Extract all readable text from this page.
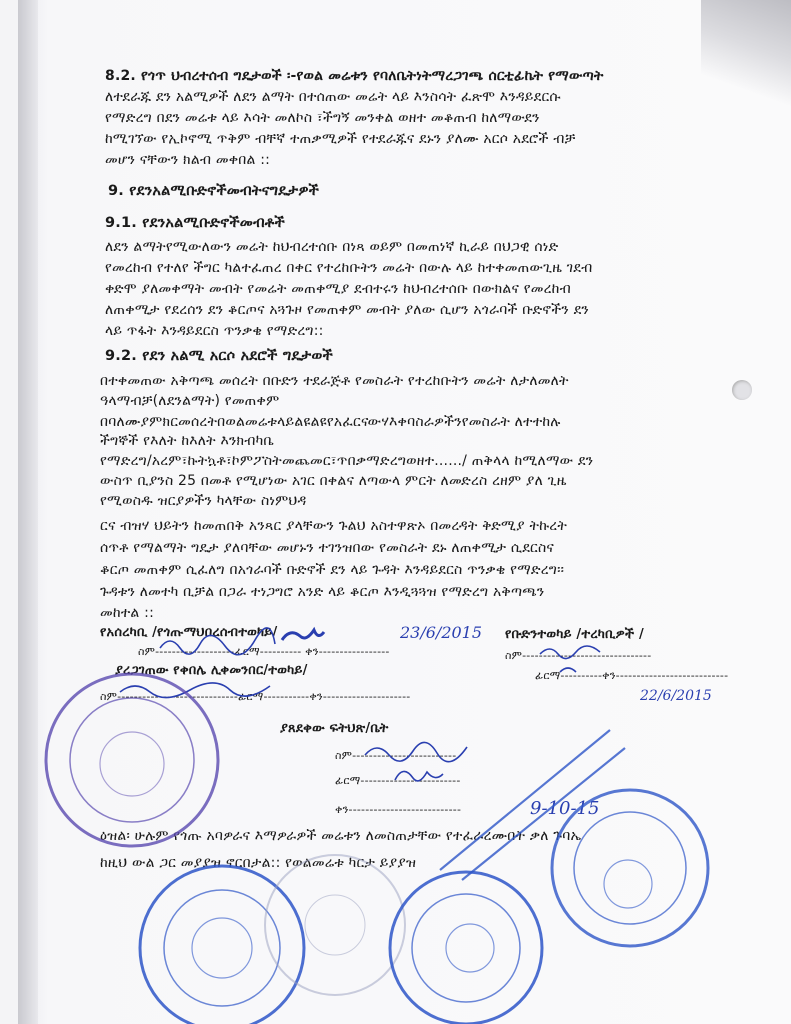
8.2. የጎጥ ህብረተሰብ ግዴታወች ፡-የወል መሬቱን የባለቤትነትማረጋገጫ ሰርቲፊኬት የማውጣት
ለተደራጁ ደን አልሚዎች ለደን ልማት በተሰጠው መሬት ላይ እንስሳት ፈጽሞ እንዳይደርሱ
የማድረግ በደን መሬቱ ላይ እሳት መለኮስ ፣ችግኝ መንቀል ወዘተ መቆጠብ ከለማውደን
ከሚገኘው የኢኮኖሚ ጥቅም ብቸኛ ተጠቃሚዎች የተደራጁና ደኑን ያለሙ አርሶ አደሮች ብቻ
መሆን ናቸውን ክልብ መቀበል ::
9. የደንአልሚቡድኖችመብትናግዴታዎች
9.1. የደንአልሚቡድኖችመብቶች
ለደን ልማትየሚውለውን መሬት ከህብረተሰቡ በነጻ ወይም በመጠነኛ ኪራይ በህጋዊ ሰነድ
የመረከብ የተለየ ችግር ካልተፈጠረ በቀር የተረከቡትን መሬት በውሉ ላይ ከተቀመጠውጊዜ ገደብ
ቀድሞ ያለመቀማት መብት የመሬት መጠቀሚያ ደብተሩን ከህብረተሰቡ በውክልና የመረከብ
ለጠቀሚታ የደረሰን ደን ቆርጦና አጓጉዞ የመጠቀም መብት ያለው ሲሆን አጎራባች ቡድኖችን ደን
ላይ ጥፋት እንዳይደርስ ጥንቃቄ የማድረግ::
9.2. የደን አልሚ አርሶ አደሮች ግዴታወች
በተቀመጠው አቅጣጫ መሰረት በቡድን ተደራጅቶ የመስራት የተረከቡትን መሬት ለታለመለት
ዓላማብቻ(ለደንልማት) የመጠቀም
በባለሙያምክርመሰረትበወልመሬቱላይልዩልዩየአፈርናውሃእቀባስራዎችንየመስራት ለተተከሉ
ችግኞች የእለት ከእለት እንክብካቤ
የማድረግ/አረም፣ኩትኳቶ፣ኮምፖስትመጨመር፣ጥበቃማድረግወዘተ....../ ጠቅላላ ከሚለማው ደን
ውስጥ ቢያንስ 25 በመቶ የሚሆነው አገር በቀልና ለጣውላ ምርት ለመድረስ ረዘም ያለ ጊዜ
የሚወስዱ ዝርያዎችን ካላቸው ስነምህዳ
ርና ብዝሃ ህይትን ከመጠበቅ አንጻር ያላቸውን ጉልህ አስተዋጽኦ በመረዳት ቅድሚያ ትኩረት
ሰጥቶ የማልማት ግዴታ ያለባቸው መሆኑን ተገንዝበው የመስራት ደኑ ለጠቀሚታ ሲደርስና
ቆርጦ መጠቀም ሲፈለግ በአጎራባች ቡድኖች ደን ላይ ጉዳት እንዳይደርስ ጥንቃቄ የማድረግ፡፡
ጉዳቱን ለመተካ ቢቻል በጋራ ተነጋግሮ አንድ ላይ ቆርጦ እንዲጓጓዝ የማድረግ አቅጣጫን
መከተል ::
የአሰረካቢ /የጎጡማህበረሰብተወካይ/	23/6/2015
ስም-------------------ፊርማ---------- ቀን-----------------
ያረጋገጠው የቀበሌ ሊቀመንበር/ተወካይ/
ስም-----------------------------ፊርማ-----------ቀን---------------------
የቡድንተወካይ /ተረካቢዎች /
ስም-------------------------------
ፊርማ----------ቀን---------------------------
22/6/2015
ያጸደቀው ፍትህጽ/ቤት
ስም-------------------------
ፊርማ------------------------
ቀን---------------------------	9-10-15
ዕዝል፡ ሁሉም የጎጡ አባዎራና እማዎራዎች መሬቱን ለመስጠታቸው የተፈራረሙበት ቃለ ጉባኤ
ከዚህ ውል ጋር መያያዝ ኖርበታል:: የወልመሬቱ ካርታ ይያያዝ
